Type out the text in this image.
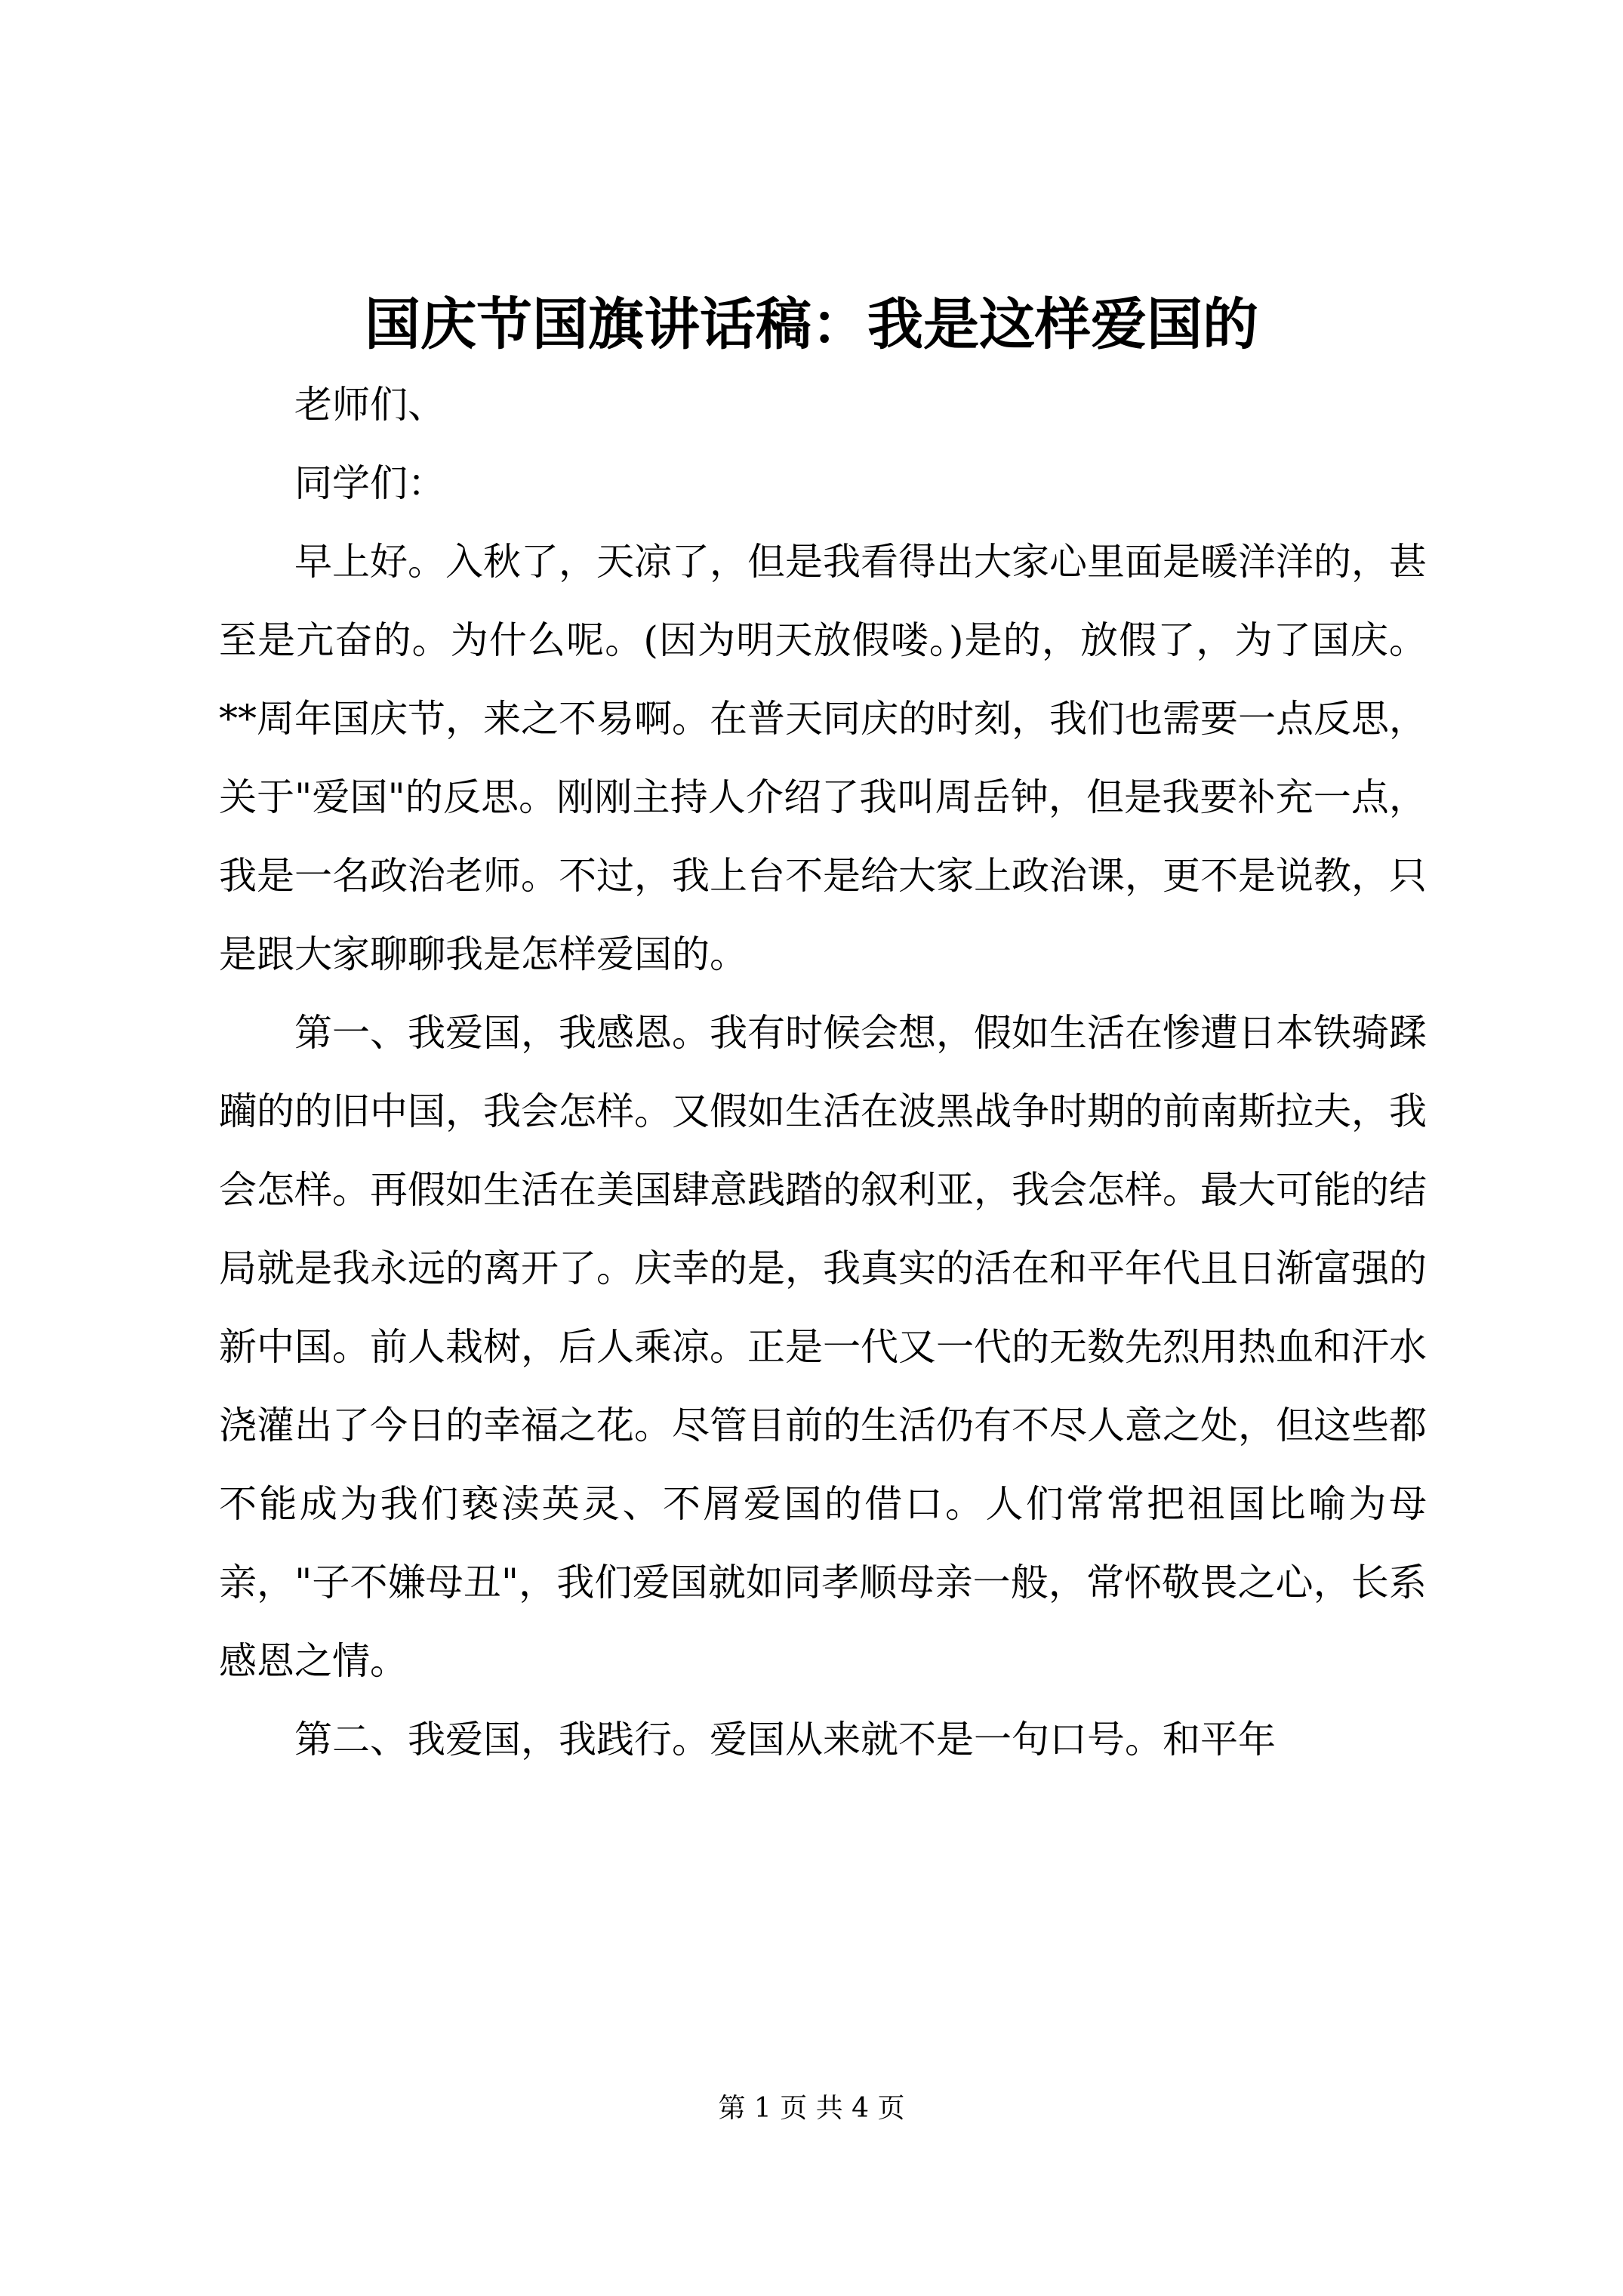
国庆节国旗讲话稿：我是这样爱国的

老师们、

同学们：

早上好。入秋了，天凉了，但是我看得出大家心里面是暖洋洋的，甚至是亢奋的。为什么呢。(因为明天放假喽。)是的，放假了，为了国庆。**周年国庆节，来之不易啊。在普天同庆的时刻，我们也需要一点反思，关于"爱国"的反思。刚刚主持人介绍了我叫周岳钟，但是我要补充一点，我是一名政治老师。不过，我上台不是给大家上政治课，更不是说教，只是跟大家聊聊我是怎样爱国的。

第一、我爱国，我感恩。我有时候会想，假如生活在惨遭日本铁骑蹂躏的的旧中国，我会怎样。又假如生活在波黑战争时期的前南斯拉夫，我会怎样。再假如生活在美国肆意践踏的叙利亚，我会怎样。最大可能的结局就是我永远的离开了。庆幸的是，我真实的活在和平年代且日渐富强的新中国。前人栽树，后人乘凉。正是一代又一代的无数先烈用热血和汗水浇灌出了今日的幸福之花。尽管目前的生活仍有不尽人意之处，但这些都不能成为我们亵渎英灵、不屑爱国的借口。人们常常把祖国比喻为母亲，"子不嫌母丑"，我们爱国就如同孝顺母亲一般，常怀敬畏之心，长系感恩之情。

第二、我爱国，我践行。爱国从来就不是一句口号。和平年

第 1 页 共 4 页
